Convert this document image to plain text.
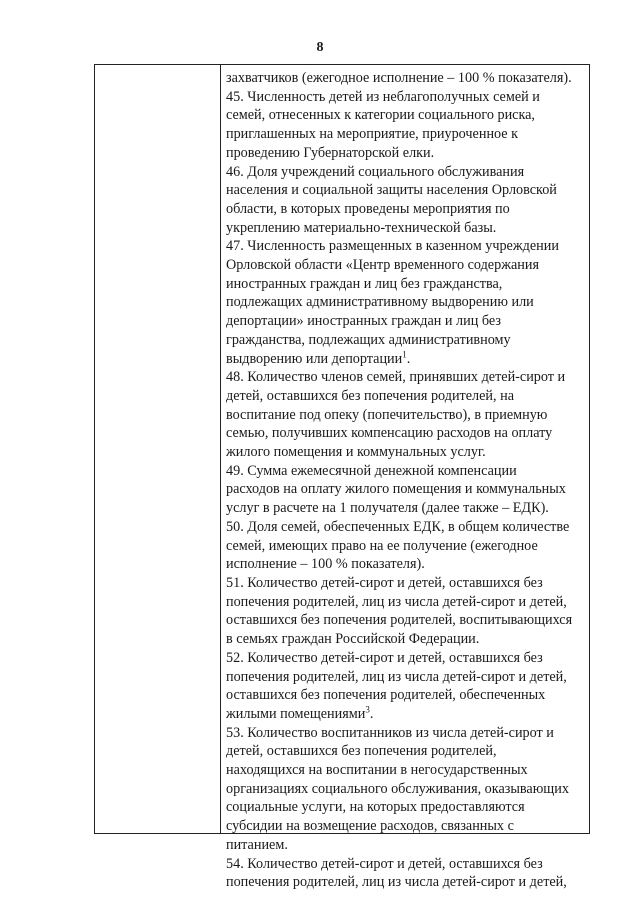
8
захватчиков (ежегодное исполнение – 100 % показателя).
45. Численность детей из неблагополучных семей и
семей, отнесенных к категории социального риска,
приглашенных на мероприятие, приуроченное к
проведению Губернаторской елки.
46. Доля учреждений социального обслуживания
населения и социальной защиты населения Орловской
области, в которых проведены мероприятия по
укреплению материально-технической базы.
47. Численность размещенных в казенном учреждении
Орловской области «Центр временного содержания
иностранных граждан и лиц без гражданства,
подлежащих административному выдворению или
депортации» иностранных граждан и лиц без
гражданства, подлежащих административному
выдворению или депортации$^1$.
48. Количество членов семей, принявших детей-сирот и
детей, оставшихся без попечения родителей, на
воспитание под опеку (попечительство), в приемную
семью, получивших компенсацию расходов на оплату
жилого помещения и коммунальных услуг.
49. Сумма ежемесячной денежной компенсации
расходов на оплату жилого помещения и коммунальных
услуг в расчете на 1 получателя (далее также – ЕДК).
50. Доля семей, обеспеченных ЕДК, в общем количестве
семей, имеющих право на ее получение (ежегодное
исполнение – 100 % показателя).
51. Количество детей-сирот и детей, оставшихся без
попечения родителей, лиц из числа детей-сирот и детей,
оставшихся без попечения родителей, воспитывающихся
в семьях граждан Российской Федерации.
52. Количество детей-сирот и детей, оставшихся без
попечения родителей, лиц из числа детей-сирот и детей,
оставшихся без попечения родителей, обеспеченных
жилыми помещениями$^3$.
53. Количество воспитанников из числа детей-сирот и
детей, оставшихся без попечения родителей,
находящихся на воспитании в негосударственных
организациях социального обслуживания, оказывающих
социальные услуги, на которых предоставляются
субсидии на возмещение расходов, связанных с
питанием.
54. Количество детей-сирот и детей, оставшихся без
попечения родителей, лиц из числа детей-сирот и детей,
